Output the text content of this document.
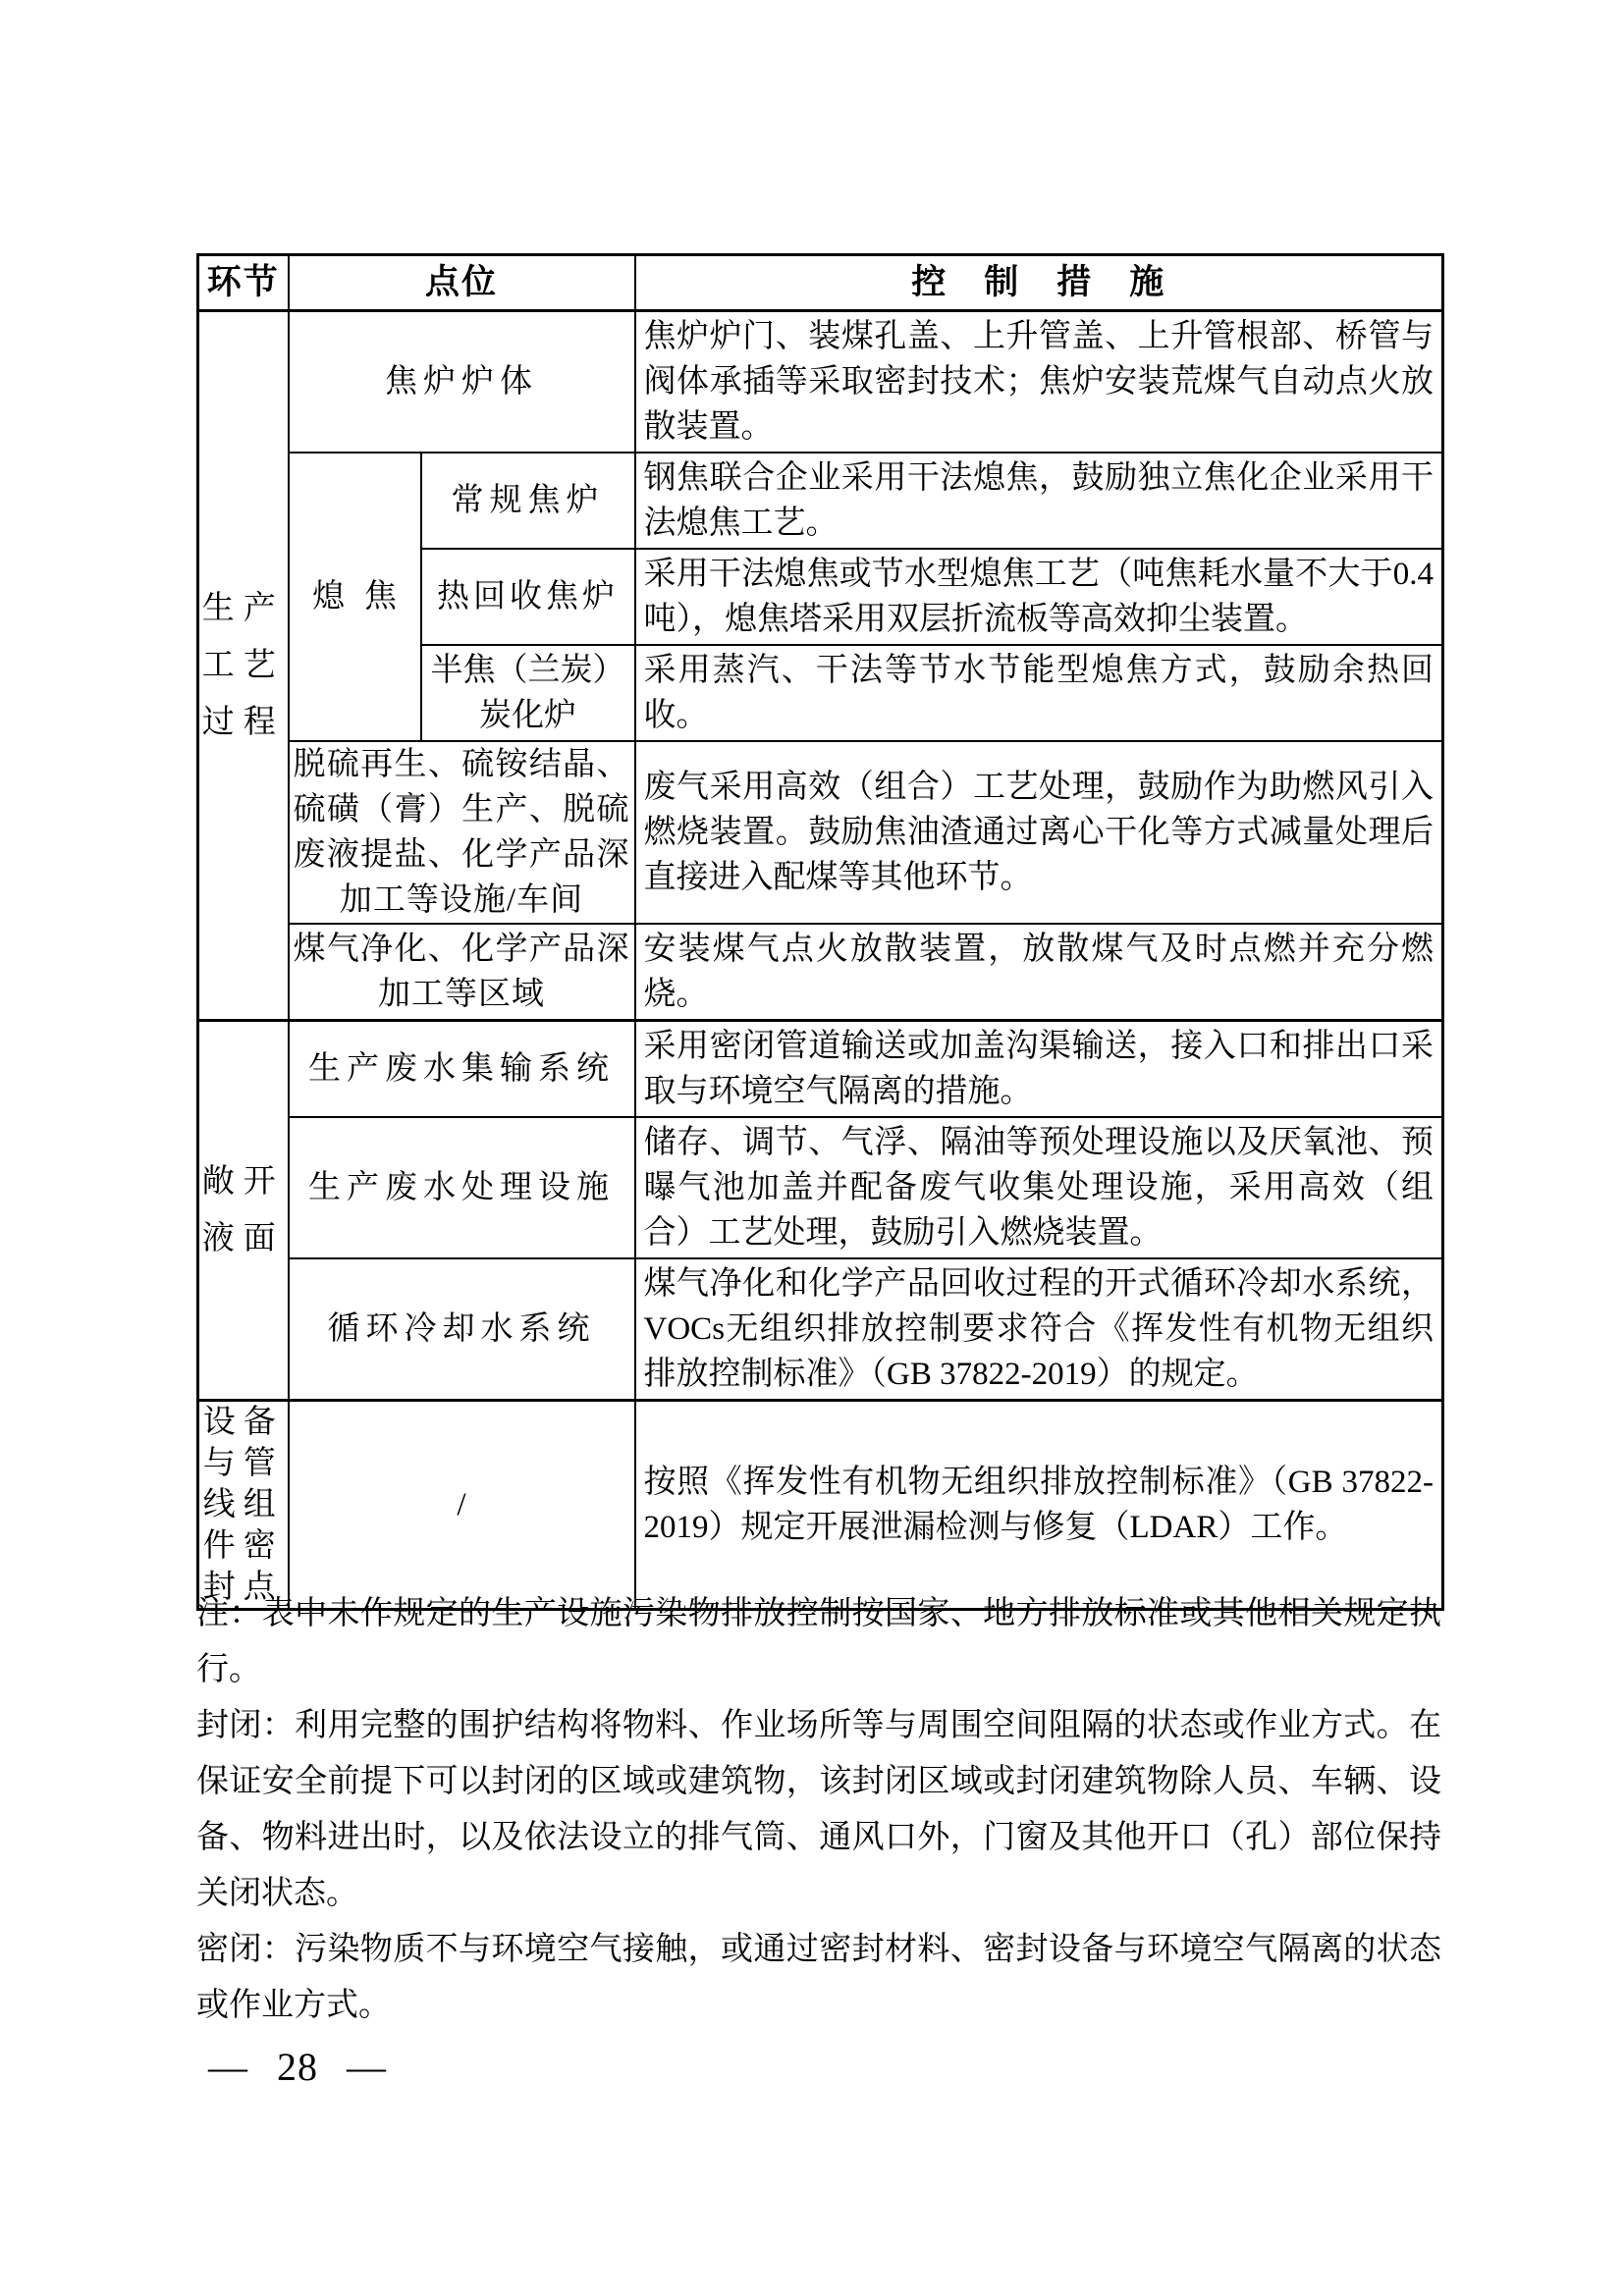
环节	点位		控　制　措　施
生产工艺过程	焦炉炉体		焦炉炉门、装煤孔盖、上升管盖、上升管根部、桥管与阀体承插等采取密封技术；焦炉安装荒煤气自动点火放散装置。
	熄焦	常规焦炉	钢焦联合企业采用干法熄焦，鼓励独立焦化企业采用干法熄焦工艺。
		热回收焦炉	采用干法熄焦或节水型熄焦工艺（吨焦耗水量不大于0.4吨），熄焦塔采用双层折流板等高效抑尘装置。
		半焦（兰炭）炭化炉	采用蒸汽、干法等节水节能型熄焦方式，鼓励余热回收。
	脱硫再生、硫铵结晶、硫磺（膏）生产、脱硫废液提盐、化学产品深加工等设施/车间		废气采用高效（组合）工艺处理，鼓励作为助燃风引入燃烧装置。鼓励焦油渣通过离心干化等方式减量处理后直接进入配煤等其他环节。
	煤气净化、化学产品深加工等区域		安装煤气点火放散装置，放散煤气及时点燃并充分燃烧。
敞开液面	生产废水集输系统		采用密闭管道输送或加盖沟渠输送，接入口和排出口采取与环境空气隔离的措施。
	生产废水处理设施		储存、调节、气浮、隔油等预处理设施以及厌氧池、预曝气池加盖并配备废气收集处理设施，采用高效（组合）工艺处理，鼓励引入燃烧装置。
	循环冷却水系统		煤气净化和化学产品回收过程的开式循环冷却水系统，VOCs无组织排放控制要求符合《挥发性有机物无组织排放控制标准》（GB 37822-2019）的规定。
设备与管线组件密封点	/		按照《挥发性有机物无组织排放控制标准》（GB 37822-2019）规定开展泄漏检测与修复（LDAR）工作。

注：表中未作规定的生产设施污染物排放控制按国家、地方排放标准或其他相关规定执行。

封闭：利用完整的围护结构将物料、作业场所等与周围空间阻隔的状态或作业方式。在保证安全前提下可以封闭的区域或建筑物，该封闭区域或封闭建筑物除人员、车辆、设备、物料进出时，以及依法设立的排气筒、通风口外，门窗及其他开口（孔）部位保持关闭状态。

密闭：污染物质不与环境空气接触，或通过密封材料、密封设备与环境空气隔离的状态或作业方式。

— 28 —
